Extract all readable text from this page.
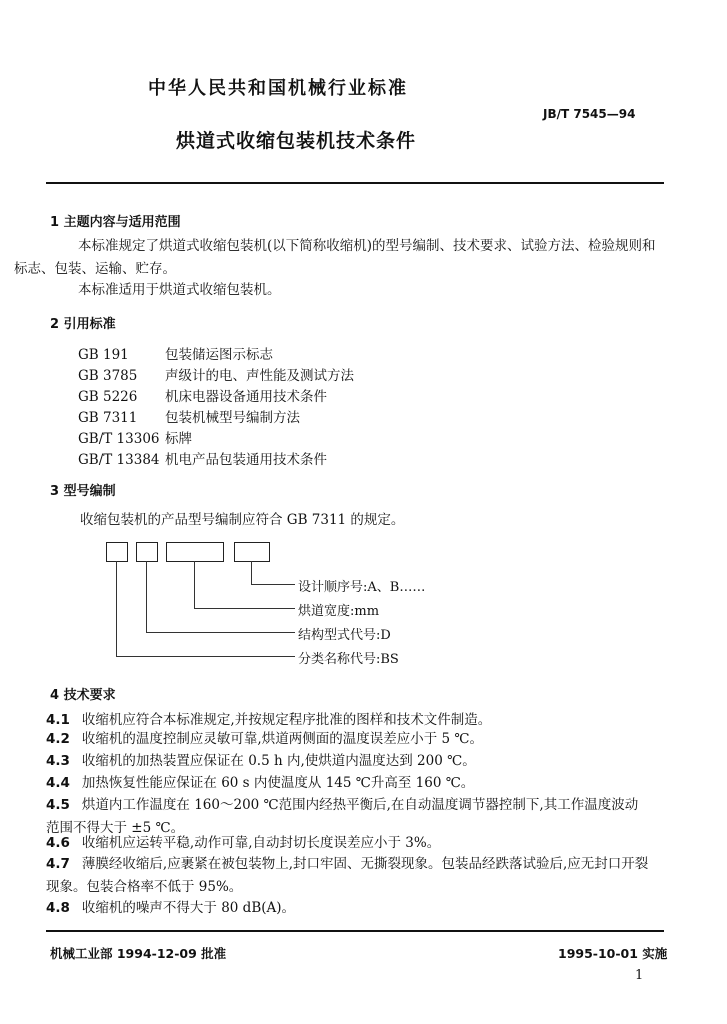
中华人民共和国机械行业标准
JB/T 7545—94
烘道式收缩包装机技术条件
1 主题内容与适用范围
本标准规定了烘道式收缩包装机(以下简称收缩机)的型号编制、技术要求、试验方法、检验规则和
标志、包装、运输、贮存。
本标准适用于烘道式收缩包装机。
2 引用标准
GB 191	包装储运图示标志
GB 3785 声级计的电、声性能及测试方法
GB 5226 机床电器设备通用技术条件
GB 7311 包装机械型号编制方法
GB/T 13306 标牌
GB/T 13384 机电产品包装通用技术条件
3 型号编制
收缩包装机的产品型号编制应符合 GB 7311 的规定。
设计顺序号:A、B……
烘道宽度:mm
结构型式代号:D
分类名称代号:BS
4 技术要求
4.1 收缩机应符合本标准规定,并按规定程序批准的图样和技术文件制造。
4.2 收缩机的温度控制应灵敏可靠,烘道两侧面的温度误差应小于 5 ℃。
4.3 收缩机的加热装置应保证在 0.5 h 内,使烘道内温度达到 200 ℃。
4.4 加热恢复性能应保证在 60 s 内使温度从 145 ℃升高至 160 ℃。
4.5 烘道内工作温度在 160～200 ℃范围内经热平衡后,在自动温度调节器控制下,其工作温度波动
范围不得大于 ±5 ℃。
4.6 收缩机应运转平稳,动作可靠,自动封切长度误差应小于 3%。
4.7 薄膜经收缩后,应裹紧在被包装物上,封口牢固、无撕裂现象。包装品经跌落试验后,应无封口开裂
现象。包装合格率不低于 95%。
4.8 收缩机的噪声不得大于 80 dB(A)。
机械工业部 1994-12-09 批准	1995-10-01 实施
1
